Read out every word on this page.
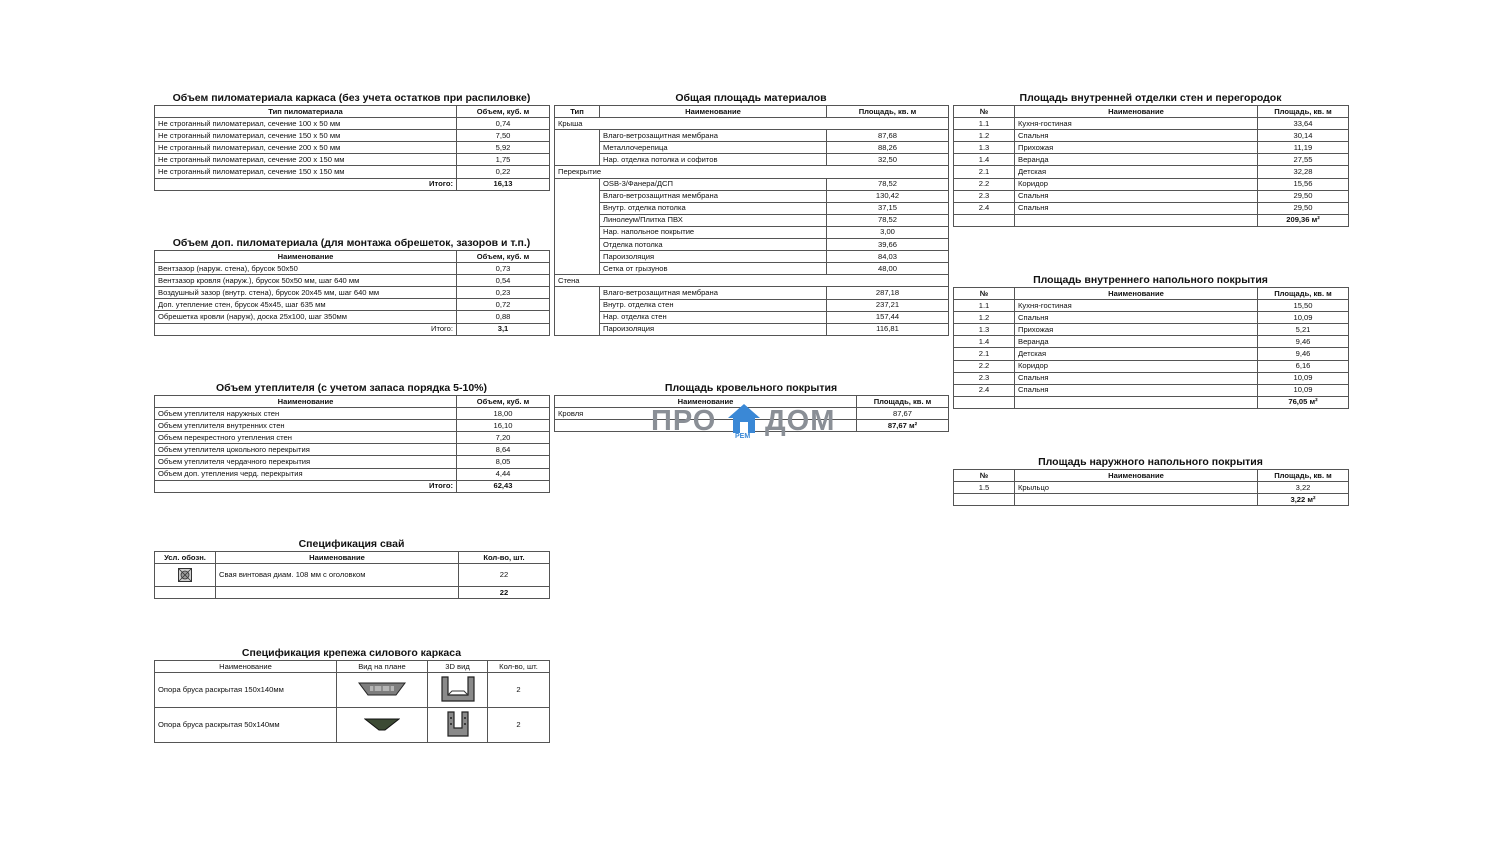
Объем пиломатериала каркаса (без учета остатков при распиловке)
Тип пиломатериала	Объем, куб. м
Не строганный пиломатериал, сечение 100 х 50 мм	0,74
Не строганный пиломатериал, сечение 150 х 50 мм	7,50
Не строганный пиломатериал, сечение 200 х 50 мм	5,92
Не строганный пиломатериал, сечение 200 х 150 мм	1,75
Не строганный пиломатериал, сечение 150 х 150 мм	0,22
Итого:	16,13
Объем доп. пиломатериала (для монтажа обрешеток, зазоров и т.п.)
Наименование	Объем, куб. м
Вентзазор (наруж. стена), брусок 50х50	0,73
Вентзазор кровля (наруж.), брусок 50х50 мм, шаг 640 мм	0,54
Воздушный зазор (внутр. стена), брусок 20х45 мм, шаг 640 мм	0,23
Доп. утепление стен, брусок 45х45, шаг 635 мм	0,72
Обрешетка кровли (наруж), доска 25х100, шаг 350мм	0,88
Итого:	3,1
Объем утеплителя (с учетом запаса порядка 5-10%)
Наименование	Объем, куб. м
Объем утеплителя наружных стен	18,00
Объем утеплителя внутренних стен	16,10
Объем перекрестного утепления стен	7,20
Объем утеплителя цокольного перекрытия	8,64
Объем утеплителя чердачного перекрытия	8,05
Объем доп. утепления черд. перекрытия	4,44
Итого:	62,43
Спецификация свай
Усл. обозн.	Наименование	Кол-во, шт.
	Свая винтовая диам. 108 мм с оголовком	22
		22
Спецификация крепежа силового каркаса
Наименование	Вид на плане	3D вид	Кол-во, шт.
Опора бруса раскрытая 150х140мм			2
Опора бруса раскрытая 50х140мм			2
Общая площадь материалов
Тип	Наименование	Площадь, кв. м
Крыша		
	Влаго-ветрозащитная мембрана	87,68
	Металлочерепица	88,26
	Нар. отделка потолка и софитов	32,50
Перекрытие		
	OSB-3/Фанера/ДСП	78,52
	Влаго-ветрозащитная мембрана	130,42
	Внутр. отделка потолка	37,15
	Линолеум/Плитка ПВХ	78,52
	Нар. напольное покрытие	3,00
	Отделка потолка	39,66
	Пароизоляция	84,03
	Сетка от грызунов	48,00
Стена		
	Влаго-ветрозащитная мембрана	287,18
	Внутр. отделка стен	237,21
	Нар. отделка стен	157,44
	Пароизоляция	116,81
Площадь кровельного покрытия
Наименование	Площадь, кв. м
Кровля	87,67
	87,67 м²
ПРО	РЕМ ДОМ
Площадь внутренней отделки стен и перегородок
№	Наименование	Площадь, кв. м
1.1	Кухня-гостиная	33,64
1.2	Спальня	30,14
1.3	Прихожая	11,19
1.4	Веранда	27,55
2.1	Детская	32,28
2.2	Коридор	15,56
2.3	Спальня	29,50
2.4	Спальня	29,50
		209,36 м²
Площадь внутреннего напольного покрытия
№	Наименование	Площадь, кв. м
1.1	Кухня-гостиная	15,50
1.2	Спальня	10,09
1.3	Прихожая	5,21
1.4	Веранда	9,46
2.1	Детская	9,46
2.2	Коридор	6,16
2.3	Спальня	10,09
2.4	Спальня	10,09
		76,05 м²
Площадь наружного напольного покрытия
№	Наименование	Площадь, кв. м
1.5	Крыльцо	3,22
		3,22 м²
